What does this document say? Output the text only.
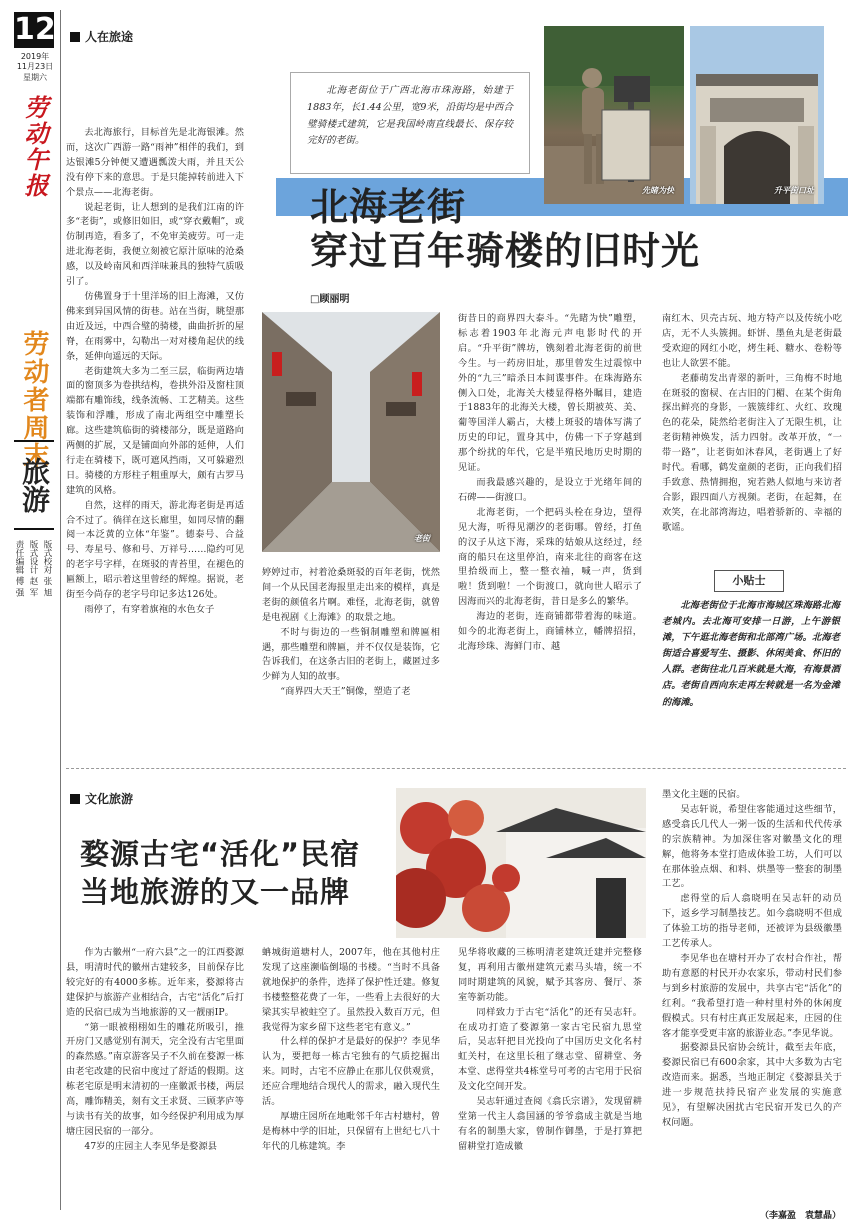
12
2019年
11月23日
星期六
劳动午报
劳动者周末
旅游
责任编辑 傅 强 版式设计 赵 军 版式校对 张 旭
人在旅途
先睹为快	升平街口址
北海老街位于广西北海市珠海路，始建于1883年，长1.44公里，宽9米，沿街均是中西合璧骑楼式建筑，它是我国岭南直线最长、保存较完好的老街。
北海老街
穿过百年骑楼的旧时光
□顾丽明

去北海旅行，目标首先是北海银滩。然而，这次广西游一路“雨神”相伴的我们，到达银滩5分钟便又遭遇瓢泼大雨，并且天公没有停下来的意思。于是只能掉转前进入下个景点——北海老街。

说起老街，让人想到的是我们江南的许多“老街”，或修旧如旧，或“穿衣戴帽”，或仿制再造，看多了，不免审美疲劳。可一走进北海老街，我便立刻被它原汁原味的沧桑感，以及岭南风和西洋味兼具的独特气质吸引了。

仿佛置身于十里洋场的旧上海滩，又仿佛来到异国风情的街巷。站在当街，眺望那由近及远，中西合璧的骑楼，曲曲折折的屋脊，在雨雾中，勾勒出一对对楼角起伏的线条，延伸向遥远的天际。

老街建筑大多为二至三层，临街两边墙面的窗顶多为卷拱结构，卷拱外沿及窗柱顶端都有雕饰线，线条流畅、工艺精美。这些装饰和浮雕，形成了南北两组空中雕塑长廊。这些建筑临街的骑楼部分，既是道路向两侧的扩展，又是铺面向外部的延伸，人们行走在骑楼下，既可遮风挡雨，又可躲避烈日。骑楼的方形柱子粗重厚大，颇有古罗马建筑的风格。

自然，这样的雨天，游北海老街是再适合不过了。徜徉在这长廊里，如同尽情的翻阅一本泛黄的立体“年鉴”。德泰号、合益号、寿星号、修和号、万祥号……隐约可见的老字号字样，在斑驳的青苔里，在褪色的匾额上，昭示着这里曾经的辉煌。据说，老街至今尚存的老字号印记多达126处。

雨停了，有穿着旗袍的水色女子

老街

婷婷过市，衬着沧桑斑驳的百年老街，恍然间一个从民国老海报里走出来的模样，真是老街的颜值名片啊。难怪，北海老街，就曾是电视剧《上海滩》的取景之地。

不时与街边的一些铜制雕塑和牌匾相遇，那些雕塑和牌匾，并不仅仅是装饰，它告诉我们，在这条古旧的老街上，藏匿过多少鲜为人知的故事。

“商界四大天王”铜像，塑造了老

街昔日的商界四大泰斗。“先睹为快”雕塑，标志着1903年北海元声电影时代的开启。“升平街”牌坊，镌刻着北海老街的前世今生。与一药房旧址，那里曾发生过震惊中外的“九三”暗杀日本间谍事件。在珠海路东侧入口处，北海关大楼显得格外瞩目，建造于1883年的北海关大楼，曾长期被英、美、葡等国洋人霸占，大楼上斑驳的墙体写满了历史的印记，置身其中，仿佛一下子穿越到那个纷扰的年代，它是半殖民地历史时期的见证。

而我最感兴趣的，是设立于光绪年间的石碑——街渡口。

北海老街，一个把码头栓在身边，望得见大海，听得见潮汐的老街哪。曾经，打鱼的汉子从这下海，采珠的姑娘从这经过，经商的船只在这里停泊，南来北往的商客在这里拾级而上，整一整衣袖，喊一声，货到啦！货到啦！一个街渡口，就向世人昭示了因海而兴的北海老街，昔日是多么的繁华。

海边的老街，连商铺都带着海的味道。如今的北海老街上，商铺林立，幡牌招招，北海珍珠、海鲜门市、越

南红木、贝壳古玩、地方特产以及传统小吃店，无不人头簇拥。虾饼、墨鱼丸是老街最受欢迎的网红小吃，烤生耗、糖水、卷粉等也让人欲罢不能。

老藤萌发出青翠的新叶，三角梅不时地在斑驳的窗棂、在古旧的门楣、在某个街角探出鲜亮的身影，一簇簇绯红、火红、玫瑰色的花朵，陡然给老街注入了无限生机，让老街精神焕发，活力四射。改革开放，“一带一路”，让老街如沐春风，老街遇上了好时代。看哪，鹤发童颜的老街，正向我们招手致意、热情拥抱，宛若熟人似地与来访者合影，跟四面八方视频。老街，在起舞，在欢笑，在北部湾海边，唱着骄新的、幸福的歌谣。

小贴士
北海老街位于北海市海城区珠海路北海老城内。去北海可安排一日游，上午游银滩，下午逛北海老街和北部湾广场。北海老街适合喜爱写生、摄影、休闲美食、怀旧的人群。老街往北几百米就是大海，有海景酒店。老街自西向东走再左转就是一名为金滩的海滩。
文化旅游
婺源古宅“活化”民宿
当地旅游的又一品牌

作为古徽州“一府六县”之一的江西婺源县，明清时代的徽州古建较多，目前保存比较完好的有4000多栋。近年来，婺源将古建保护与旅游产业相结合，古宅“活化”后打造的民宿已成为当地旅游的又一靓丽IP。

“第一眼被栩栩如生的雕花所吸引，推开房门又感觉别有洞天，完全没有古宅里面的森然感。”南京游客吴子不久前在婺源一栋由老宅改建的民宿中度过了舒适的假期。这栋老宅原是明末清初的一座徽派书楼，两层高，雕饰精美，刻有文王求贤、三顾茅庐等与读书有关的故事，如今经保护利用成为厚塘庄园民宿的一部分。

47岁的庄园主人李见华是婺源县

蚺城街道塘村人，2007年，他在其他村庄发现了这座濒临倒塌的书楼。“当时不具备就地保护的条件，选择了保护性迁建。修复书楼整整花费了一年，一些看上去很好的大梁其实早被蛀空了。虽然投入数百万元，但我觉得为家乡留下这些老宅有意义。”

什么样的保护才是最好的保护？李见华认为，要把每一栋古宅独有的气质挖掘出来。同时，古宅不应静止在那儿仅供观赏，还应合理地结合现代人的需求，融入现代生活。

厚塘庄园所在地毗邻千年古村塘村，曾是梅林中学的旧址，只保留有上世纪七八十年代的几栋建筑。李

见华将收藏的三栋明清老建筑迁建并完整修复，再利用古徽州建筑元素马头墙，统一不同时期建筑的风貌，赋予其客房、餐厅、茶室等新功能。

同样致力于古宅“活化”的还有吴志轩。在成功打造了婺源第一家古宅民宿九思堂后，吴志轩把目光投向了中国历史文化名村虹关村，在这里长租了继志堂、留耕堂、务本堂、虑得堂共4栋堂号可考的古宅用于民宿及文化空间开发。

吴志轩通过查阅《翕氏宗谱》，发现留耕堂第一代主人翕国涵的爷爷翕成主就是当地有名的制墨大家，曾制作御墨，于是打算把留耕堂打造成徽

墨文化主题的民宿。

吴志轩说，希望住客能通过这些细节，感受翕氏几代人一粥一饭的生活和代代传承的宗族精神。为加深住客对徽墨文化的理解，他将务本堂打造成体验工坊，人们可以在那体验点烟、和料、烘墨等一整套的制墨工艺。

虑得堂的后人翕晓明在吴志轩的动员下，返乡学习制墨技艺。如今翕晓明不但成了体验工坊的指导老师，还被评为县级徽墨工艺传承人。

李见华也在塘村开办了农村合作社，帮助有意愿的村民开办农家乐，带动村民们参与到乡村旅游的发展中，共享古宅“活化”的红利。“我希望打造一种村里村外的休闲度假模式。只有村庄真正发展起来，庄园的住客才能享受更丰富的旅游业态。”李见华说。

据婺源县民宿协会统计，截至去年底，婺源民宿已有600余家，其中大多数为古宅改造而来。据悉，当地正制定《婺源县关于进一步规范扶持民宿产业发展的实施意见》，有望解决困扰古宅民宿开发已久的产权问题。

（李嘉盈　袁慧晶）
